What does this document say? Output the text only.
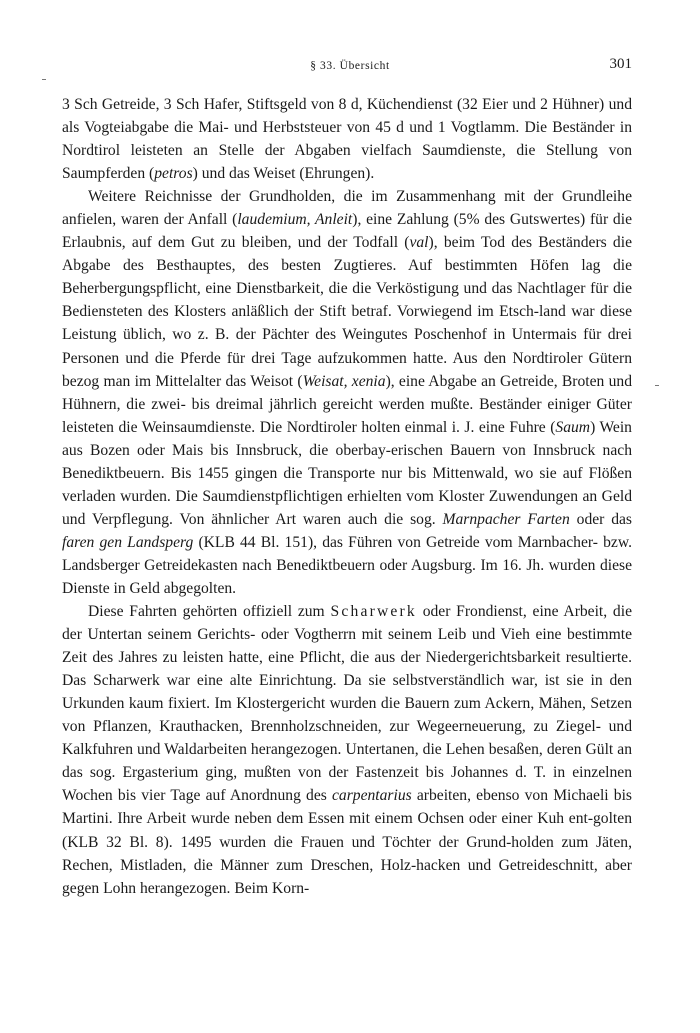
§ 33. Übersicht	301

3 Sch Getreide, 3 Sch Hafer, Stiftsgeld von 8 d, Küchendienst (32 Eier und 2 Hühner) und als Vogteiabgabe die Mai- und Herbststeuer von 45 d und 1 Vogtlamm. Die Beständer in Nordtirol leisteten an Stelle der Abgaben vielfach Saumdienste, die Stellung von Saumpferden (petros) und das Weiset (Ehrungen).

Weitere Reichnisse der Grundholden, die im Zusammenhang mit der Grundleihe anfielen, waren der Anfall (laudemium, Anleit), eine Zahlung (5% des Gutswertes) für die Erlaubnis, auf dem Gut zu bleiben, und der Todfall (val), beim Tod des Beständers die Abgabe des Besthauptes, des besten Zugtieres. Auf bestimmten Höfen lag die Beherbergungspflicht, eine Dienstbarkeit, die die Verköstigung und das Nachtlager für die Bediensteten des Klosters anläßlich der Stift betraf. Vorwiegend im Etsch-land war diese Leistung üblich, wo z. B. der Pächter des Weingutes Poschenhof in Untermais für drei Personen und die Pferde für drei Tage aufzukommen hatte. Aus den Nordtiroler Gütern bezog man im Mittelalter das Weisot (Weisat, xenia), eine Abgabe an Getreide, Broten und Hühnern, die zwei- bis dreimal jährlich gereicht werden mußte. Beständer einiger Güter leisteten die Weinsaumdienste. Die Nordtiroler holten einmal i. J. eine Fuhre (Saum) Wein aus Bozen oder Mais bis Innsbruck, die oberbay-erischen Bauern von Innsbruck nach Benediktbeuern. Bis 1455 gingen die Transporte nur bis Mittenwald, wo sie auf Flößen verladen wurden. Die Saumdienstpflichtigen erhielten vom Kloster Zuwendungen an Geld und Verpflegung. Von ähnlicher Art waren auch die sog. Marnpacher Farten oder das faren gen Landsperg (KLB 44 Bl. 151), das Führen von Getreide vom Marnbacher- bzw. Landsberger Getreidekasten nach Benediktbeuern oder Augsburg. Im 16. Jh. wurden diese Dienste in Geld abgegolten.

Diese Fahrten gehörten offiziell zum Scharwerk oder Frondienst, eine Arbeit, die der Untertan seinem Gerichts- oder Vogtherrn mit seinem Leib und Vieh eine bestimmte Zeit des Jahres zu leisten hatte, eine Pflicht, die aus der Niedergerichtsbarkeit resultierte. Das Scharwerk war eine alte Einrichtung. Da sie selbstverständlich war, ist sie in den Urkunden kaum fixiert. Im Klostergericht wurden die Bauern zum Ackern, Mähen, Setzen von Pflanzen, Krauthacken, Brennholzschneiden, zur Wegeerneuerung, zu Ziegel- und Kalkfuhren und Waldarbeiten herangezogen. Untertanen, die Lehen besaßen, deren Gült an das sog. Ergasterium ging, mußten von der Fastenzeit bis Johannes d. T. in einzelnen Wochen bis vier Tage auf Anordnung des carpentarius arbeiten, ebenso von Michaeli bis Martini. Ihre Arbeit wurde neben dem Essen mit einem Ochsen oder einer Kuh ent-golten (KLB 32 Bl. 8). 1495 wurden die Frauen und Töchter der Grund-holden zum Jäten, Rechen, Mistladen, die Männer zum Dreschen, Holz-hacken und Getreideschnitt, aber gegen Lohn herangezogen. Beim Korn-
